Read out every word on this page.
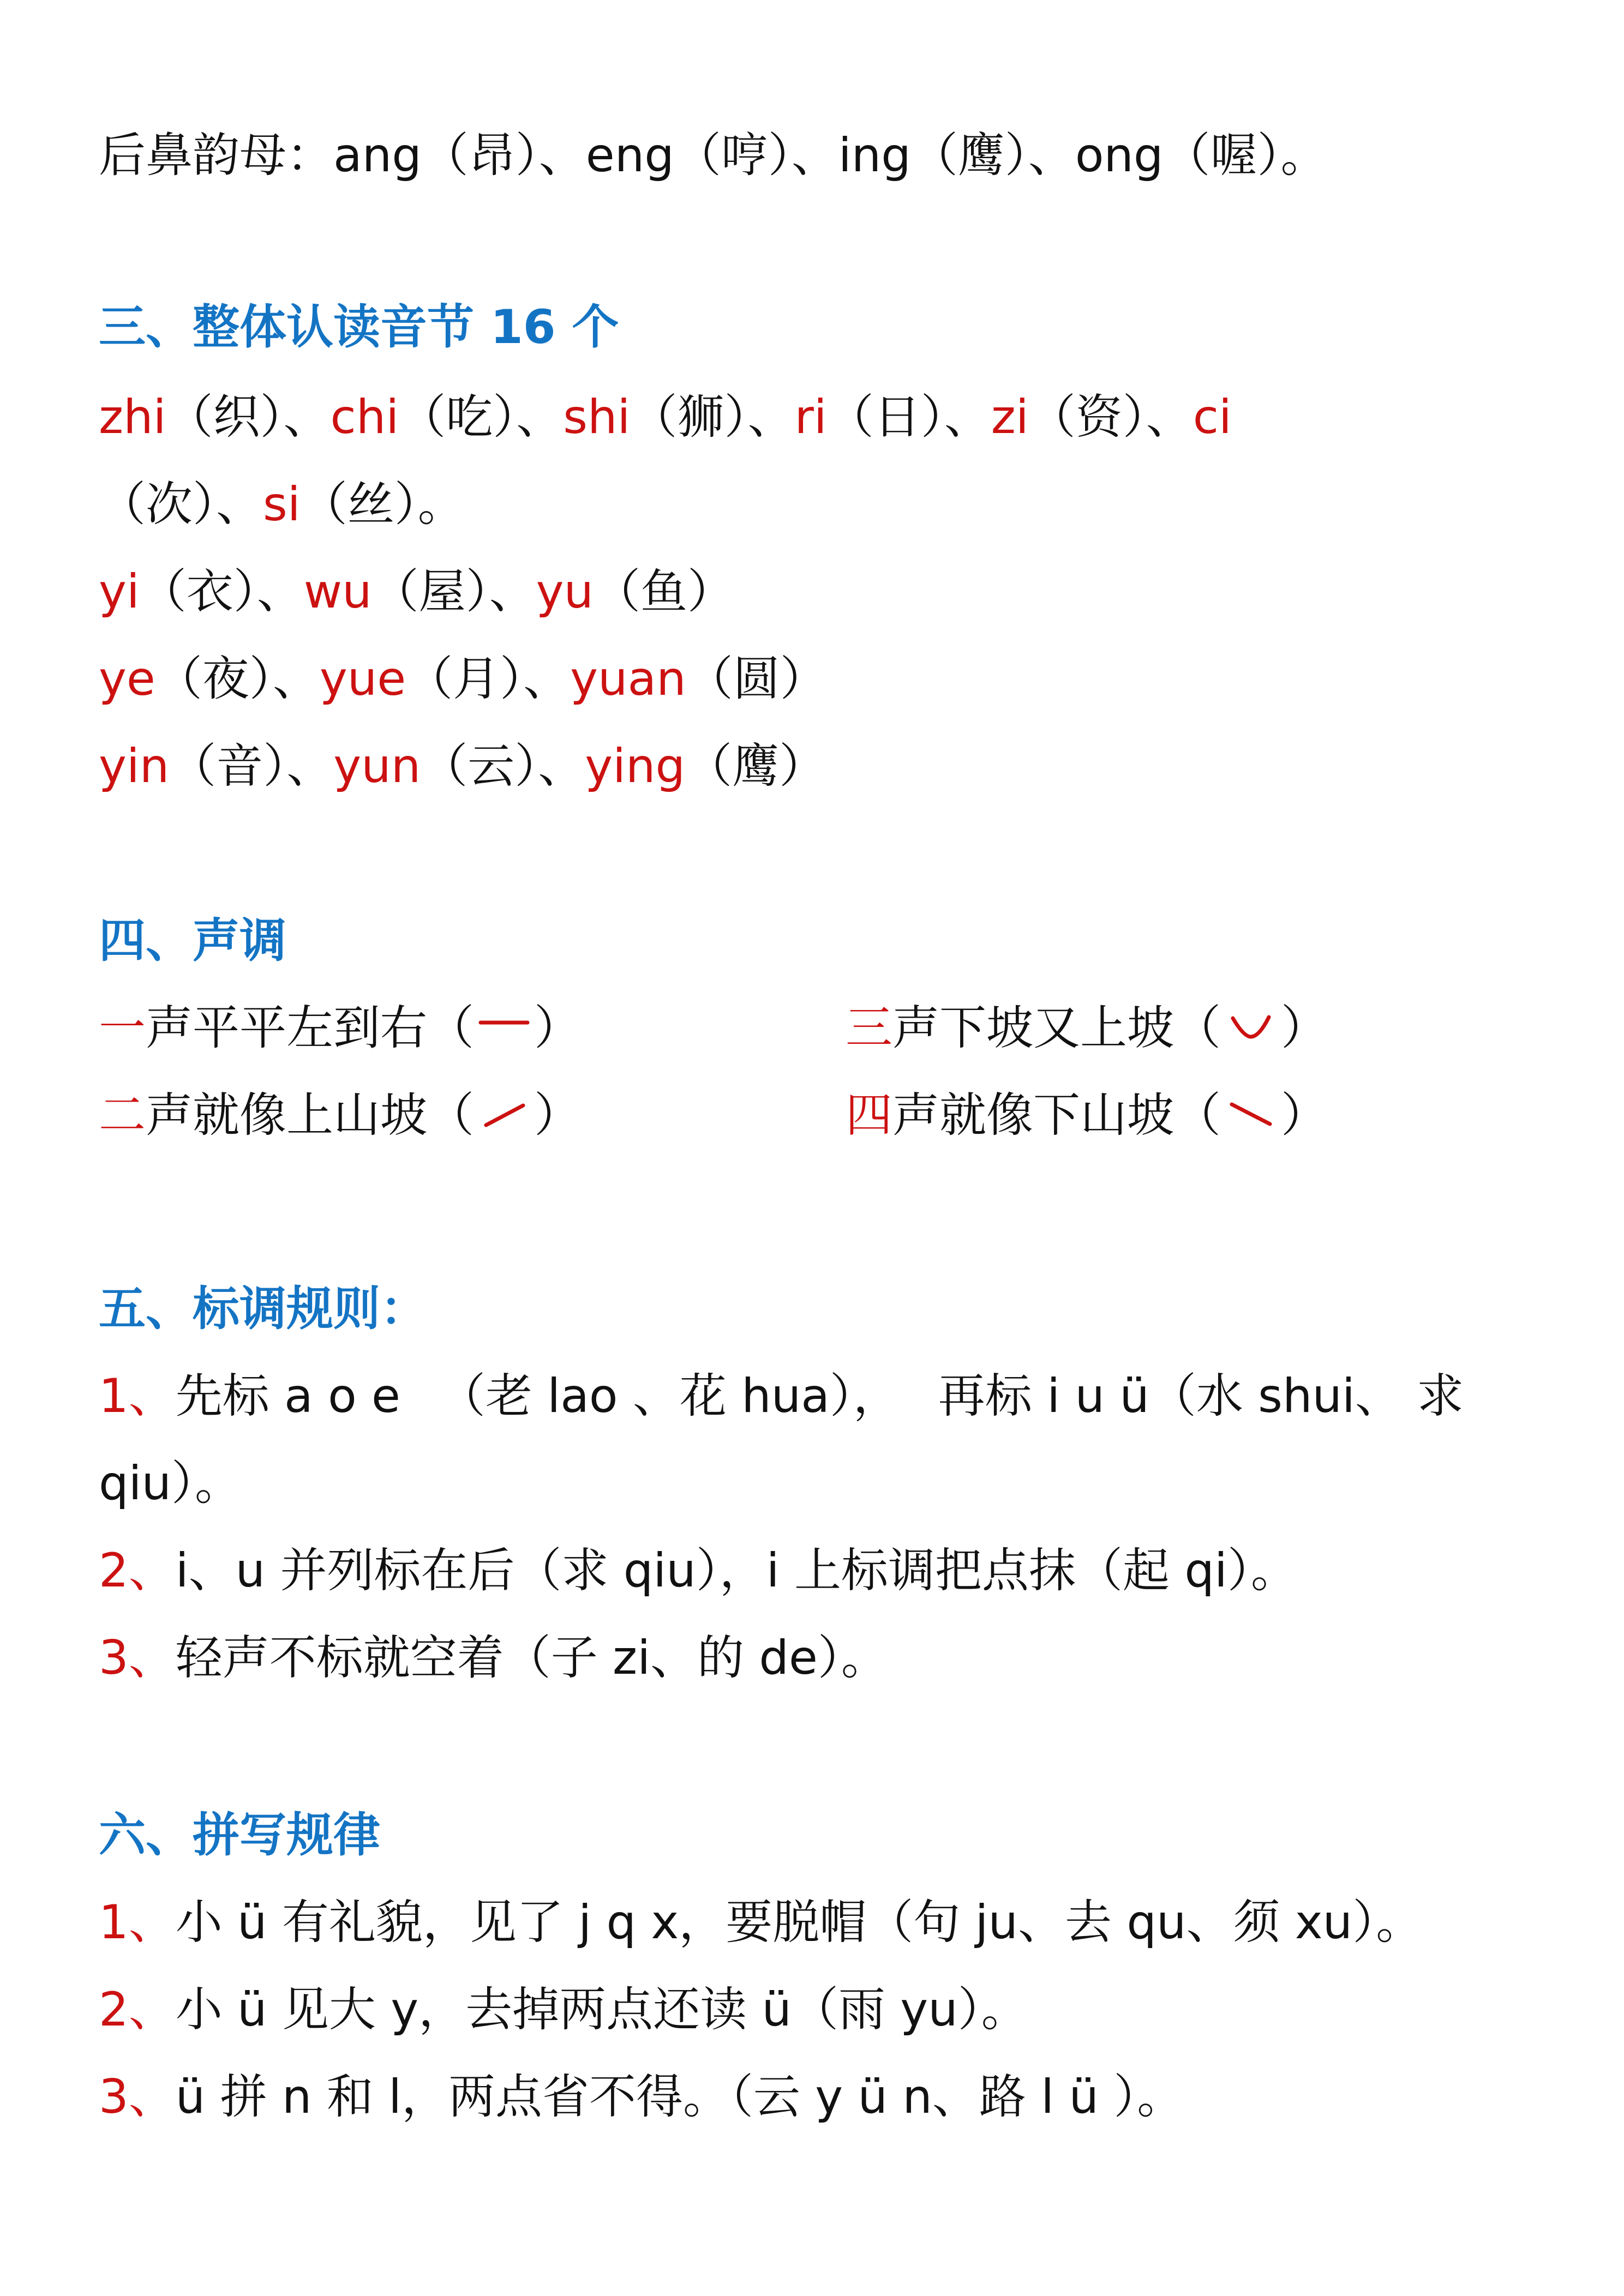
后鼻韵母：ang（昂）、eng（哼）、ing（鹰）、ong（喔）。
三、整体认读音节 16 个
zhi（织）、chi（吃）、shi（狮）、ri（日）、zi（资）、ci
（次）、si（丝）。
yi（衣）、wu（屋）、yu（鱼）
ye（夜）、yue（月）、yuan（圆）
yin（音）、yun（云）、ying（鹰）
四、声调
一声平平左到右（ ）	三声下坡又上坡（ ）
二声就像上山坡（ ）	四声就像下山坡（ ）
五、标调规则：
1、先标 a o e （老 lao 、花 hua）， 再标 i u ü（水 shui、 求
qiu）。
2、i、u 并列标在后（求 qiu），i 上标调把点抹（起 qi）。
3、轻声不标就空着（子 zi、的 de）。
六、拼写规律
1、小 ü 有礼貌，见了 j q x，要脱帽（句 ju、去 qu、须 xu）。
2、小 ü 见大 y，去掉两点还读 ü（雨 yu）。
3、ü 拼 n 和 l，两点省不得。（云 y ü n、路 l ü ）。
